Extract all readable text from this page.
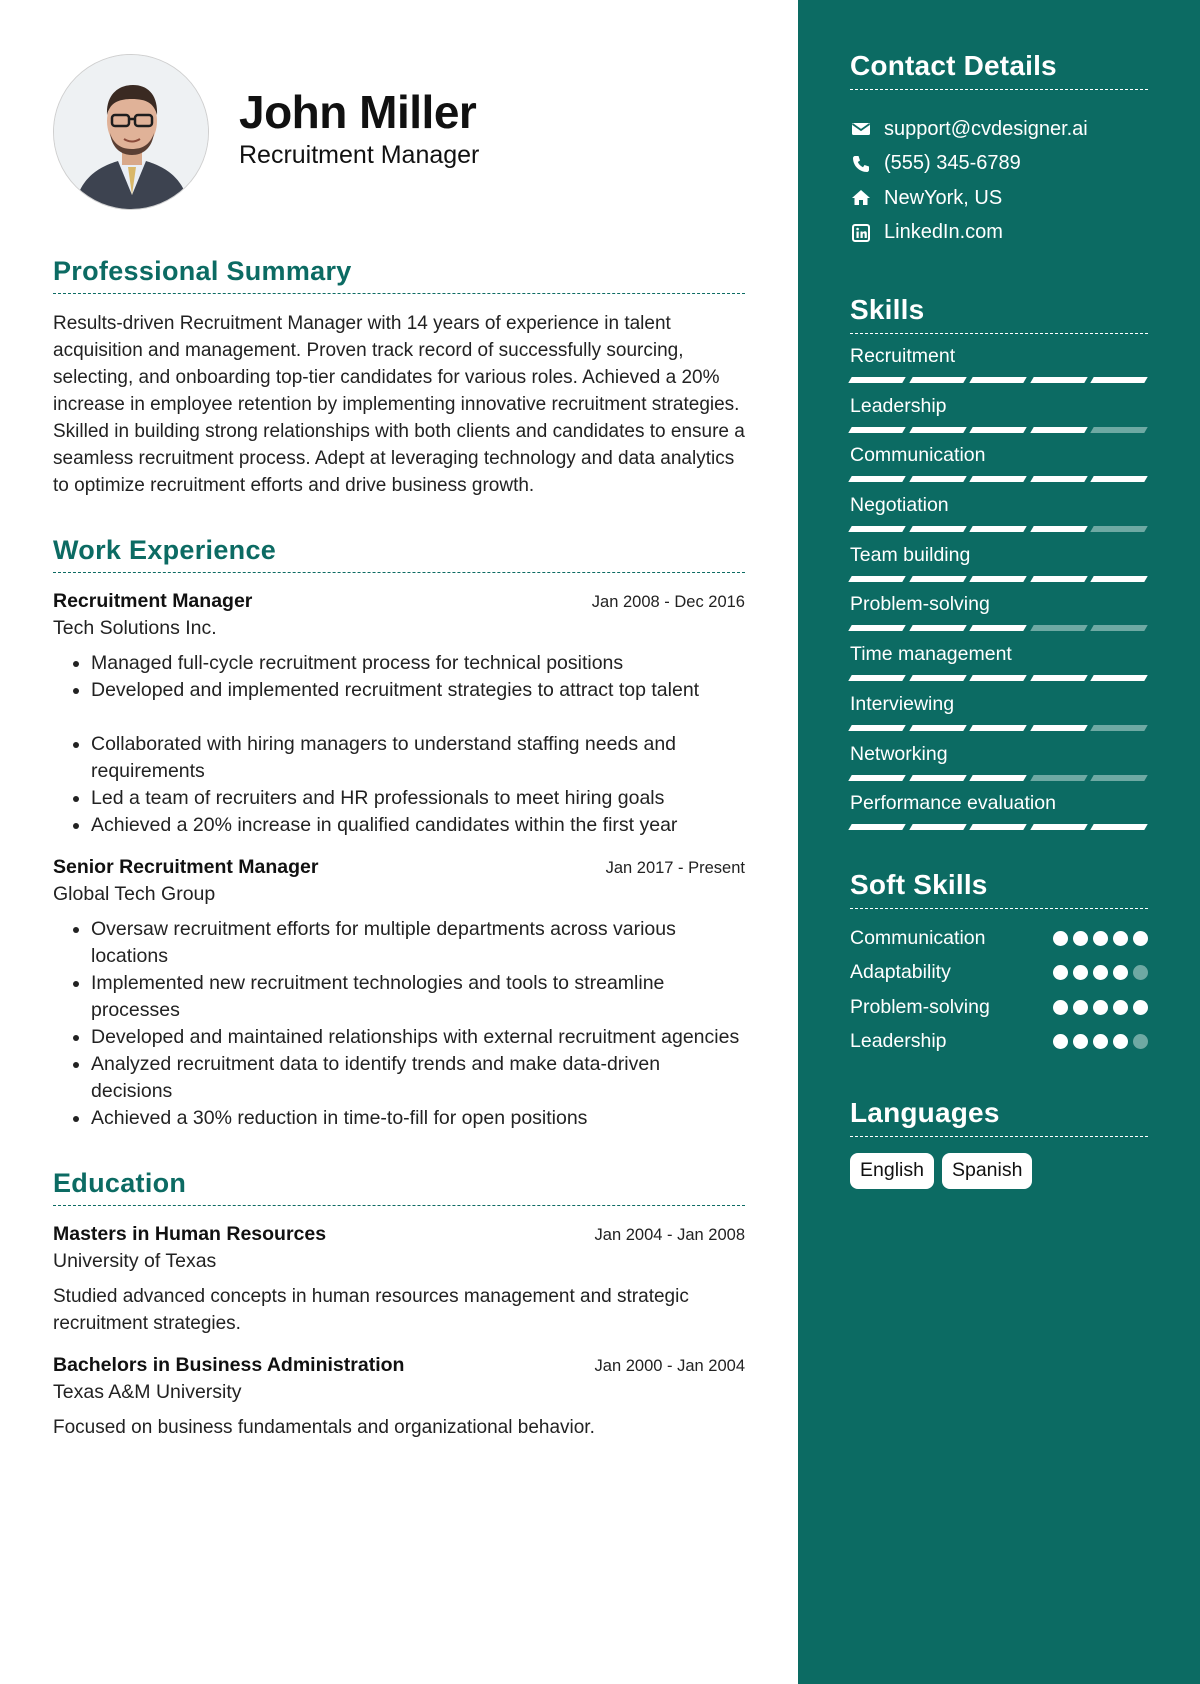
John Miller
Recruitment Manager
Professional Summary
Results-driven Recruitment Manager with 14 years of experience in talent acquisition and management. Proven track record of successfully sourcing, selecting, and onboarding top-tier candidates for various roles. Achieved a 20% increase in employee retention by implementing innovative recruitment strategies. Skilled in building strong relationships with both clients and candidates to ensure a seamless recruitment process. Adept at leveraging technology and data analytics to optimize recruitment efforts and drive business growth.
Work Experience
Recruitment Manager	Jan 2008 - Dec 2016
Tech Solutions Inc.
• Managed full-cycle recruitment process for technical positions
• Developed and implemented recruitment strategies to attract top talent
• Collaborated with hiring managers to understand staffing needs and requirements
• Led a team of recruiters and HR professionals to meet hiring goals
• Achieved a 20% increase in qualified candidates within the first year
Senior Recruitment Manager	Jan 2017 - Present
Global Tech Group
• Oversaw recruitment efforts for multiple departments across various locations
• Implemented new recruitment technologies and tools to streamline processes
• Developed and maintained relationships with external recruitment agencies
• Analyzed recruitment data to identify trends and make data-driven decisions
• Achieved a 30% reduction in time-to-fill for open positions
Education
Masters in Human Resources	Jan 2004 - Jan 2008
University of Texas
Studied advanced concepts in human resources management and strategic recruitment strategies.
Bachelors in Business Administration	Jan 2000 - Jan 2004
Texas A&M University
Focused on business fundamentals and organizational behavior.
Contact Details
support@cvdesigner.ai
(555) 345-6789
NewYork, US
LinkedIn.com
Skills
Recruitment
Leadership
Communication
Negotiation
Team building
Problem-solving
Time management
Interviewing
Networking
Performance evaluation
Soft Skills
Communication
Adaptability
Problem-solving
Leadership
Languages
English	Spanish
